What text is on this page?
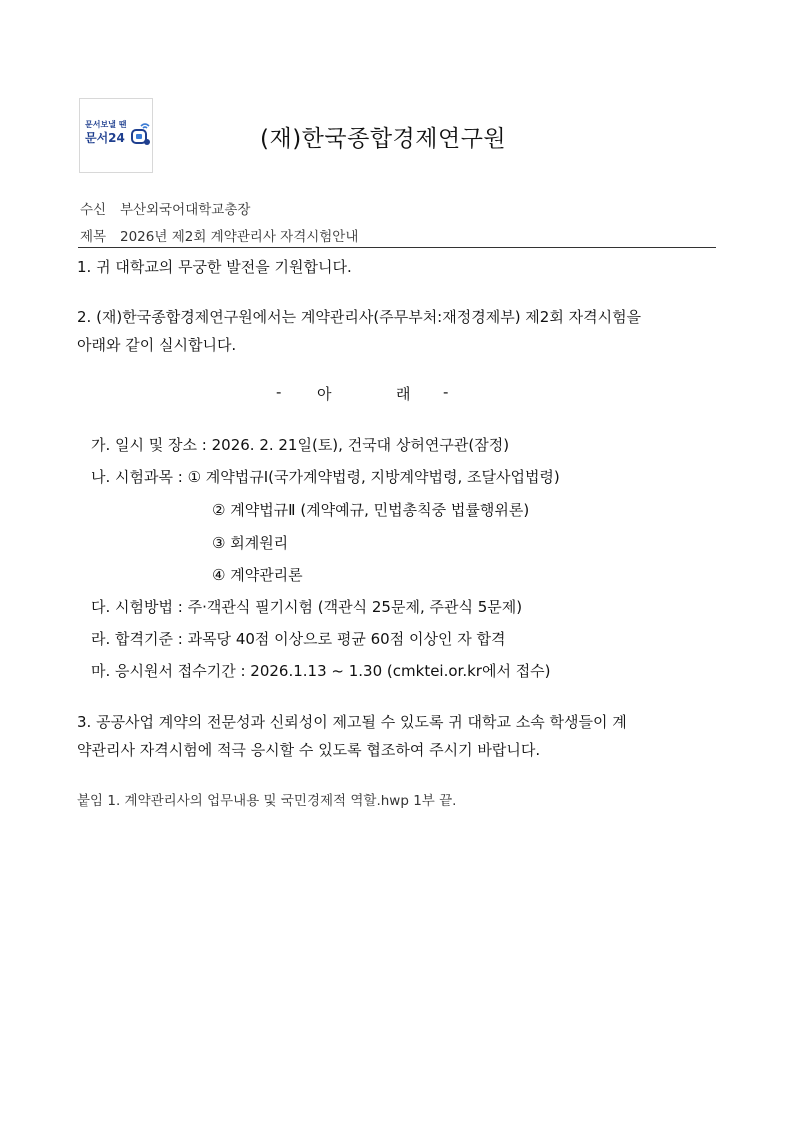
문서보낼 땐
문서24	(재)한국종합경제연구원
수신 부산외국어대학교총장
제목 2026년 제2회 계약관리사 자격시험안내
1. 귀 대학교의 무궁한 발전을 기원합니다.
2. (재)한국종합경제연구원에서는 계약관리사(주무부처:재정경제부) 제2회 자격시험을
아래와 같이 실시합니다.
- 아	래 -
가. 일시 및 장소 : 2026. 2. 21일(토), 건국대 상허연구관(잠정)
나. 시험과목 : ① 계약법규Ⅰ(국가계약법령, 지방계약법령, 조달사업법령)
② 계약법규Ⅱ (계약예규, 민법총칙중 법률행위론)
③ 회계원리
④ 계약관리론
다. 시험방법 : 주·객관식 필기시험 (객관식 25문제, 주관식 5문제)
라. 합격기준 : 과목당 40점 이상으로 평균 60점 이상인 자 합격
마. 응시원서 접수기간 : 2026.1.13 ~ 1.30 (cmktei.or.kr에서 접수)
3. 공공사업 계약의 전문성과 신뢰성이 제고될 수 있도록 귀 대학교 소속 학생들이 계
약관리사 자격시험에 적극 응시할 수 있도록 협조하여 주시기 바랍니다.
붙임 1. 계약관리사의 업무내용 및 국민경제적 역할.hwp 1부 끝.
